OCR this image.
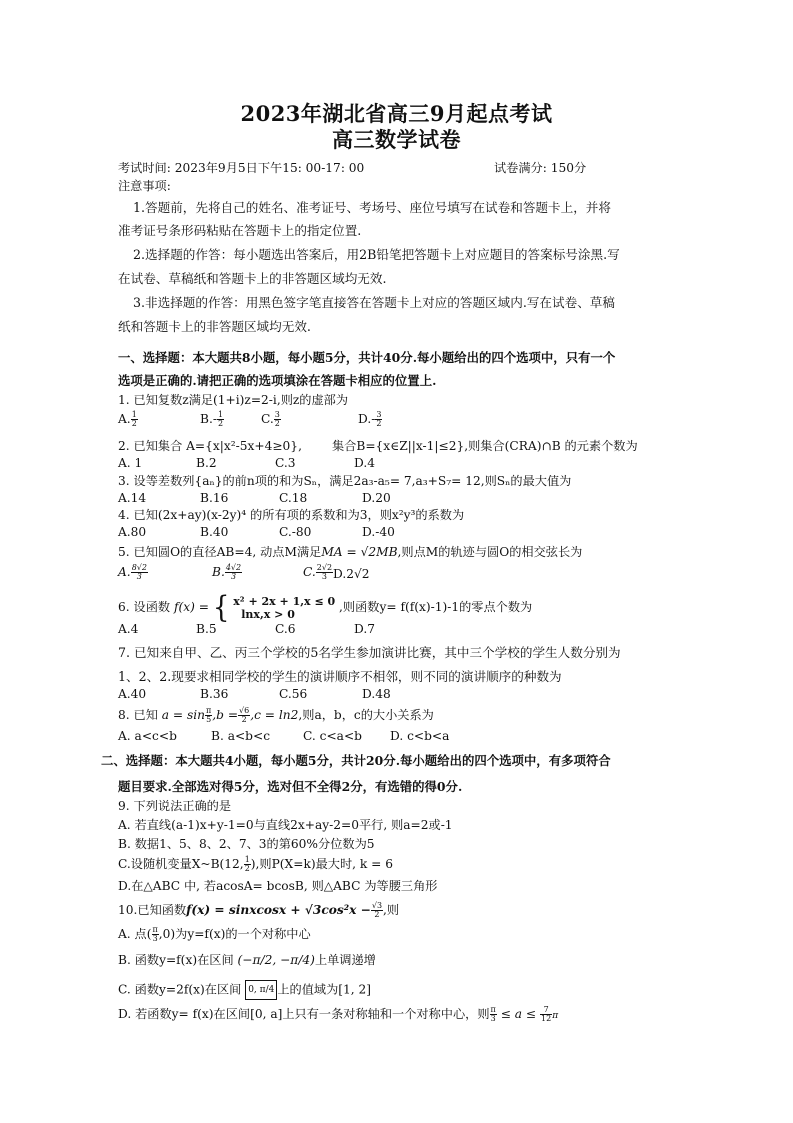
2023年湖北省高三9月起点考试
高三数学试卷
考试时间: 2023年9月5日下午15: 00-17: 00	试卷满分: 150分
注意事项:
1.答题前，先将自己的姓名、准考证号、考场号、座位号填写在试卷和答题卡上，并将
准考证号条形码粘贴在答题卡上的指定位置.
2.选择题的作答：每小题选出答案后，用2B铅笔把答题卡上对应题目的答案标号涂黑.写
在试卷、草稿纸和答题卡上的非答题区域均无效.
3.非选择题的作答：用黑色签字笔直接答在答题卡上对应的答题区域内.写在试卷、草稿
纸和答题卡上的非答题区域均无效.
一、选择题：本大题共8小题，每小题5分，共计40分.每小题给出的四个选项中，只有一个
选项是正确的.请把正确的选项填涂在答题卡相应的位置上.
1. 已知复数z满足(1+i)z=2-i,则z的虚部为
A. $\frac{1}{2}$	$B.- \frac{1}{2}$	C. $\frac{3}{2}$	$D.- \frac{3}{2}$
2. 已知集合 A={x|x²-5x+4≥0}, 集合B={x∈Z||x-1|≤2},则集合(CRA)∩B 的元素个数为
A. 1	B.2	C.3	D.4
3. 设等差数列{aₙ}的前n项的和为Sₙ，满足2a₃-a₅= 7,a₃+S₇= 12,则Sₙ的最大值为
A.14	B.16	C.18	D.20
4. 已知(2x+ay)(x-2y)⁴ 的所有项的系数和为3，则x²y³的系数为
A.80	B.40	C.-80	D.-40
5. 已知圆O的直径AB=4, 动点M满足MA = √2MB,则点M的轨迹与圆O的相交弦长为
A. $\frac{8√2}{3}$	B. $\frac{4√2}{3}$	C. $\frac{2√2}{3} D.2√2$
6. 设函数 f(x) = { x² + 2x + 1,x ≤ 0
lnx,x > 0	,则函数y= f(f(x)-1)-1的零点个数为
A.4	B.5	C.6	D.7
7. 已知来自甲、乙、丙三个学校的5名学生参加演讲比赛，其中三个学校的学生人数分别为
1、2、2.现要求相同学校的学生的演讲顺序不相邻，则不同的演讲顺序的种数为
A.40	B.36	C.56	D.48
8. 已知 $a = \sin \frac{\pi}{5} ,b = \frac{√6}{2} ,c = \ln 2$,则a，b，c的大小关系为
A. a<c<b	B. a<b<c	C. c<a<b D. c<b<a
二、选择题：本大题共4小题，每小题5分，共计20分.每小题给出的四个选项中，有多项符合
题目要求.全部选对得5分，选对但不全得2分，有选错的得0分.
9. 下列说法正确的是
A. 若直线(a-1)x+y-1=0与直线2x+ay-2=0平行, 则a=2或-1
B. 数据1、5、8、2、7、3的第60%分位数为5
C.设随机变量X~B(12, $\frac{1}{2}$ ),则P(X=k)最大时, k = 6
D.在△ABC 中, 若acosA= bcosB, 则△ABC 为等腰三角形
10.已知函数f(x) = sinxcosx + $√3\cos^2x - \frac{√3}{2}$ ,则
A. 点( $\frac{\pi}{3} ,0$)为y=f(x)的一个对称中心
B. 函数y=f(x)在区间 (−π/2, −π/4)上单调递增
C. 函数y=2f(x)在区间 0, π/4 上的值域为[1, 2]
D. 若函数y= f(x)在区间[0, a]上只有一条对称轴和一个对称中心，则 $\frac{\pi}{3} \le a \le \frac{7}{12}$ π
